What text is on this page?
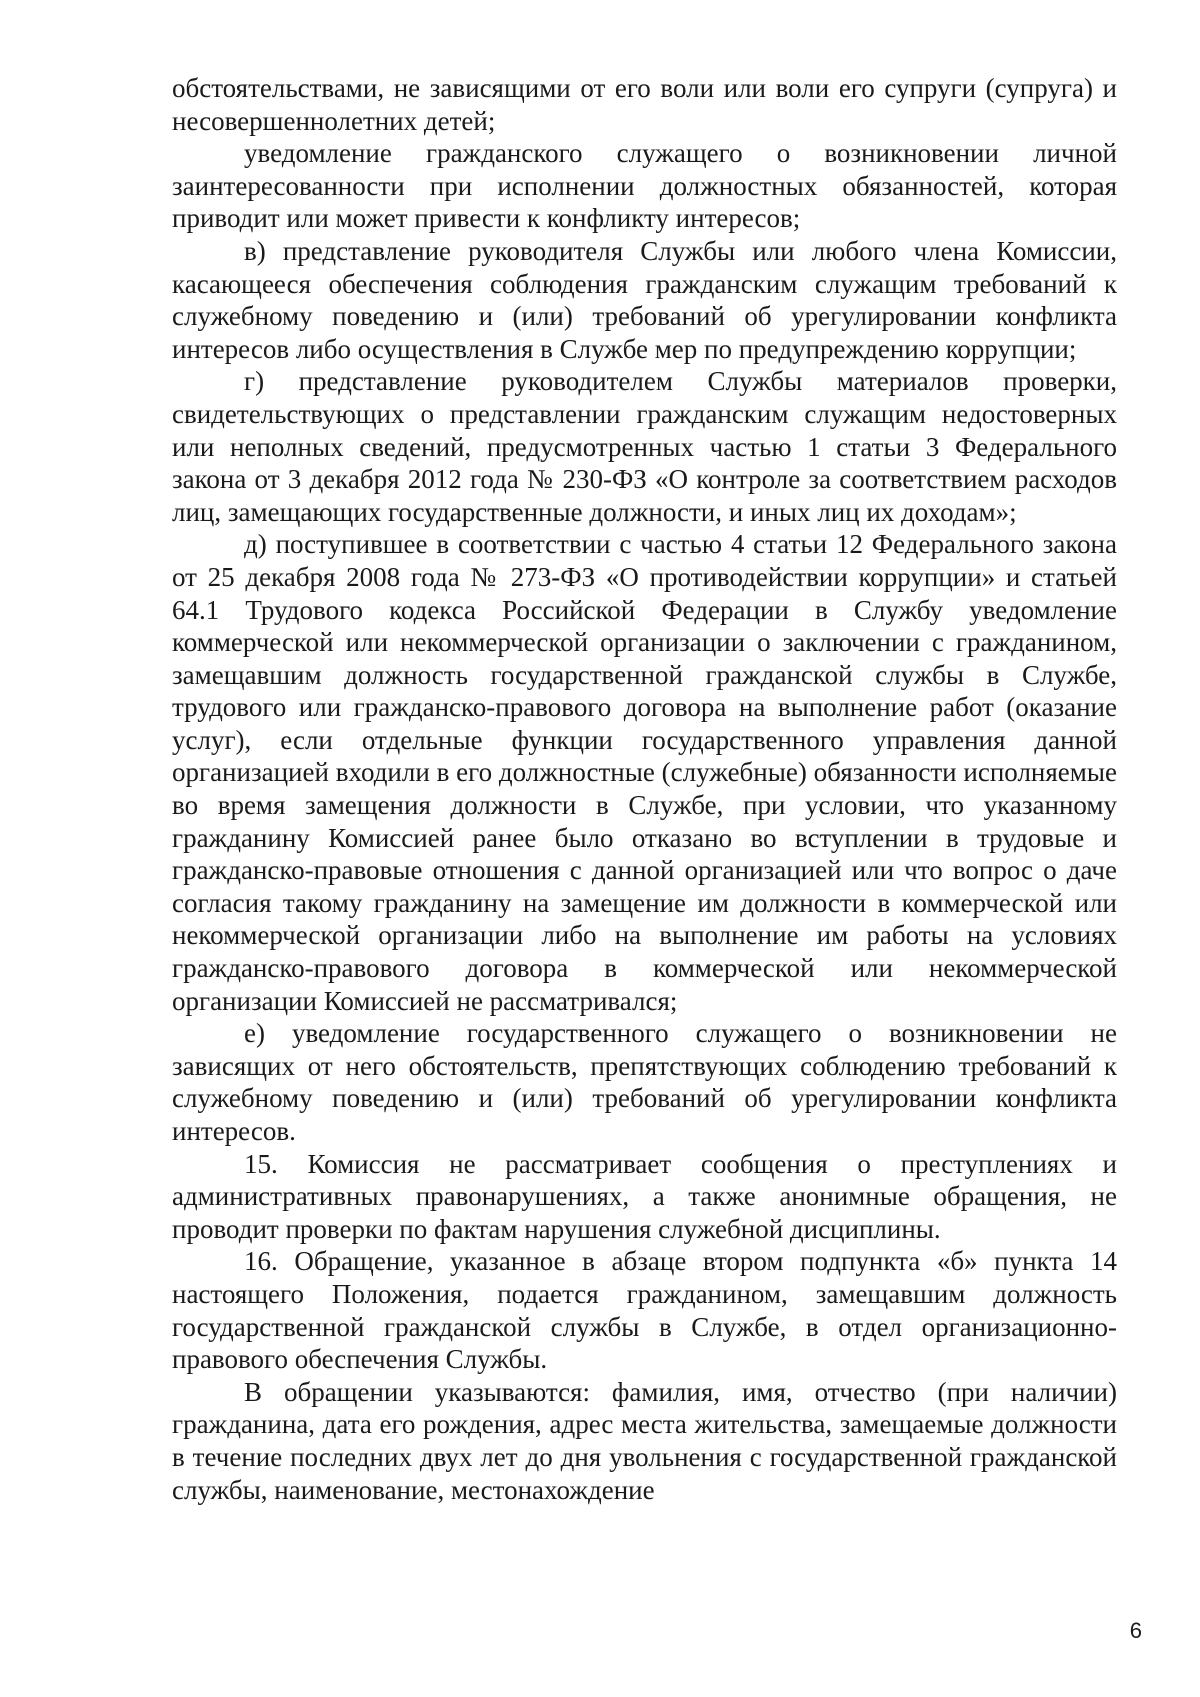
обстоятельствами, не зависящими от его воли или воли его супруги (супруга) и несовершеннолетних детей;

уведомление гражданского служащего о возникновении личной заинтересованности при исполнении должностных обязанностей, которая приводит или может привести к конфликту интересов;

в) представление руководителя Службы или любого члена Комиссии, касающееся обеспечения соблюдения гражданским служащим требований к служебному поведению и (или) требований об урегулировании конфликта интересов либо осуществления в Службе мер по предупреждению коррупции;

г) представление руководителем Службы материалов проверки, свидетельствующих о представлении гражданским служащим недостоверных или неполных сведений, предусмотренных частью 1 статьи 3 Федерального закона от 3 декабря 2012 года № 230-ФЗ «О контроле за соответствием расходов лиц, замещающих государственные должности, и иных лиц их доходам»;

д) поступившее в соответствии с частью 4 статьи 12 Федерального закона от 25 декабря 2008 года № 273-ФЗ «О противодействии коррупции» и статьей 64.1 Трудового кодекса Российской Федерации в Службу уведомление коммерческой или некоммерческой организации о заключении с гражданином, замещавшим должность государственной гражданской службы в Службе, трудового или гражданско-правового договора на выполнение работ (оказание услуг), если отдельные функции государственного управления данной организацией входили в его должностные (служебные) обязанности исполняемые во время замещения должности в Службе, при условии, что указанному гражданину Комиссией ранее было отказано во вступлении в трудовые и гражданско-правовые отношения с данной организацией или что вопрос о даче согласия такому гражданину на замещение им должности в коммерческой или некоммерческой организации либо на выполнение им работы на условиях гражданско-правового договора в коммерческой или некоммерческой организации Комиссией не рассматривался;

е) уведомление государственного служащего о возникновении не зависящих от него обстоятельств, препятствующих соблюдению требований к служебному поведению и (или) требований об урегулировании конфликта интересов.

15. Комиссия не рассматривает сообщения о преступлениях и административных правонарушениях, а также анонимные обращения, не проводит проверки по фактам нарушения служебной дисциплины.

16. Обращение, указанное в абзаце втором подпункта «б» пункта 14 настоящего Положения, подается гражданином, замещавшим должность государственной гражданской службы в Службе, в отдел организационно-правового обеспечения Службы.

В обращении указываются: фамилия, имя, отчество (при наличии) гражданина, дата его рождения, адрес места жительства, замещаемые должности в течение последних двух лет до дня увольнения с государственной гражданской службы, наименование, местонахождение

6
